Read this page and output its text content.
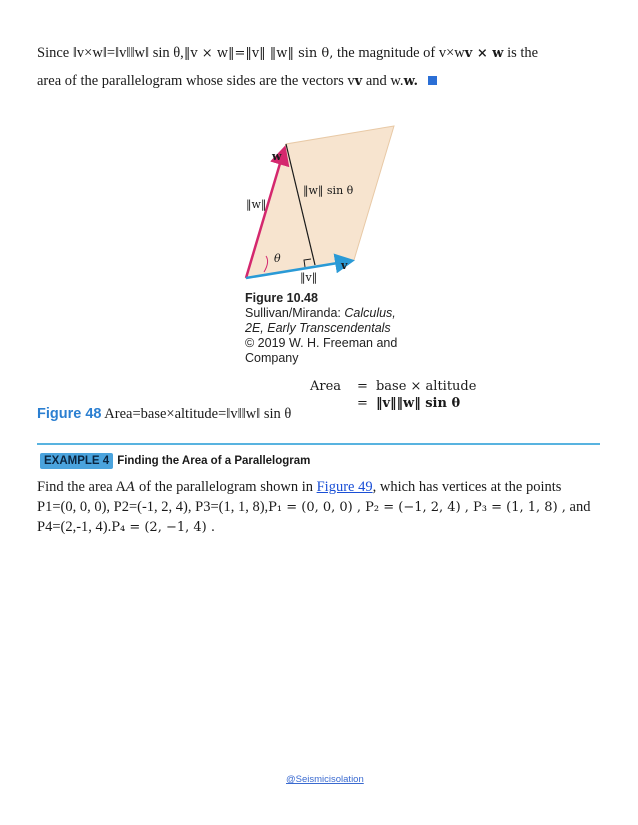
Since ‖v×w‖=‖v‖‖w‖ sin θ,‖v × w‖=‖v‖ ‖w‖ sin θ, the magnitude of v×wv × w is the
area of the parallelogram whose sides are the vectors vv and w.w.
w
‖w‖
‖w‖ sin θ
θ
‖v‖
v
Figure 10.48
Sullivan/Miranda: Calculus,
2E, Early Transcendentals
© 2019 W. H. Freeman and
Company
Area	=	base × altitude
	=	‖v‖‖w‖ sin θ
Figure 48 Area=base×altitude=‖v‖‖w‖ sin θ
EXAMPLE 4 Finding the Area of a Parallelogram
Find the area AA of the parallelogram shown in Figure 49, which has vertices at the points
P1=(0, 0, 0), P2=(-1, 2, 4), P3=(1, 1, 8),P₁ = (0, 0, 0) , P₂ = (−1, 2, 4) , P₃ = (1, 1, 8) , and
P4=(2,-1, 4).P₄ = (2, −1, 4) .
@Seismicisolation
